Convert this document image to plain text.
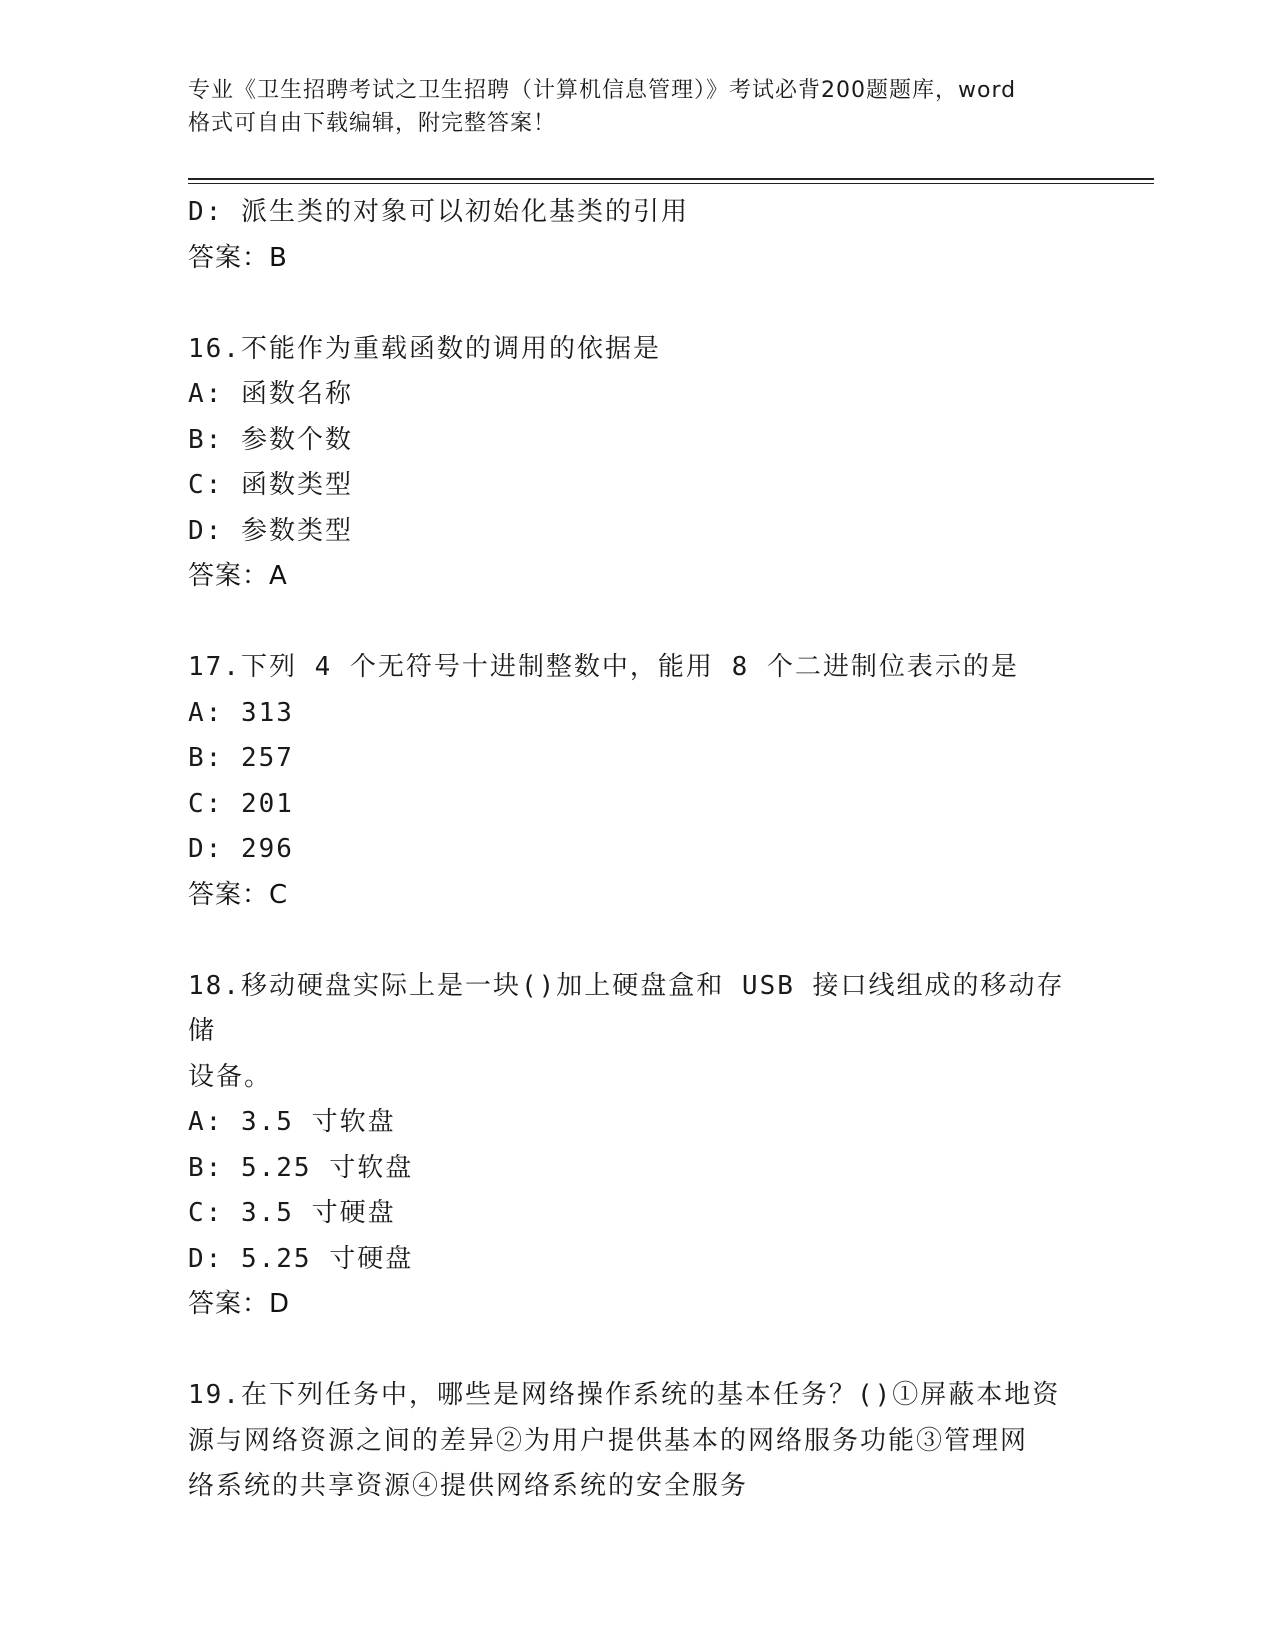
专业《卫生招聘考试之卫生招聘（计算机信息管理）》考试必背200题题库，word
格式可自由下载编辑，附完整答案！
D: 派生类的对象可以初始化基类的引用
答案：B
16.不能作为重载函数的调用的依据是
A: 函数名称
B: 参数个数
C: 函数类型
D: 参数类型
答案：A
17.下列 4 个无符号十进制整数中，能用 8 个二进制位表示的是
A: 313
B: 257
C: 201
D: 296
答案：C
18.移动硬盘实际上是一块()加上硬盘盒和 USB 接口线组成的移动存储
设备。
A: 3.5 寸软盘
B: 5.25 寸软盘
C: 3.5 寸硬盘
D: 5.25 寸硬盘
答案：D
19.在下列任务中，哪些是网络操作系统的基本任务？()①屏蔽本地资
源与网络资源之间的差异②为用户提供基本的网络服务功能③管理网
络系统的共享资源④提供网络系统的安全服务
